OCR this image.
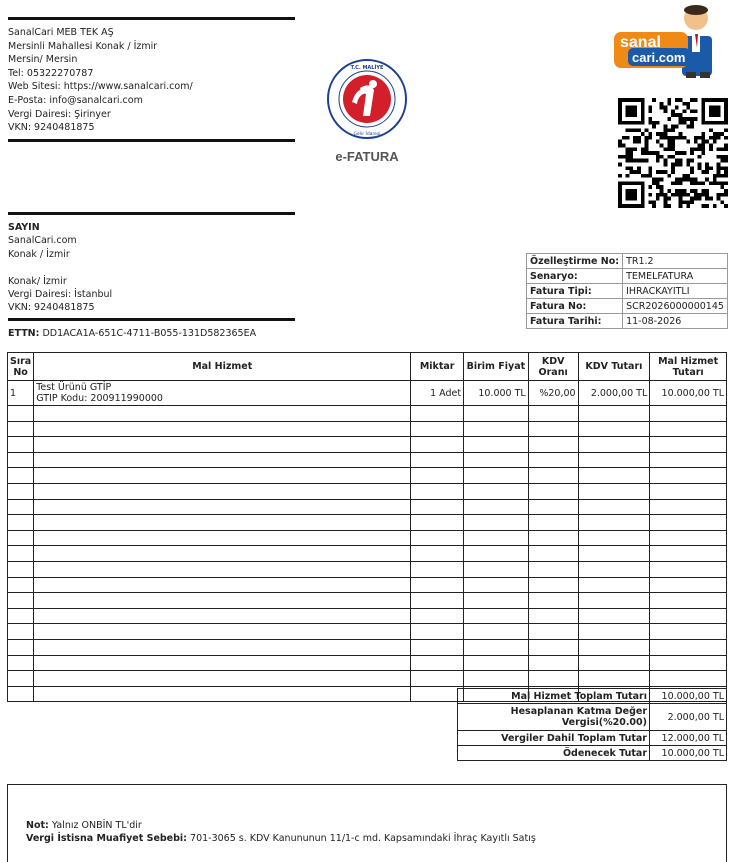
SanalCari MEB TEK AŞ
Mersinli Mahallesi Konak / İzmir
Mersin/ Mersin
Tel: 05322270787
Web Sitesi: https://www.sanalcari.com/
E-Posta: info@sanalcari.com
Vergi Dairesi: Şirinyer
VKN: 9240481875
T.C. MALİYE
Gelir İdaresi
e-FATURA
sanal
cari.com
SAYIN
SanalCari.com
Konak / İzmir

Konak/ İzmir
Vergi Dairesi: İstanbul
VKN: 9240481875
ETTN: DD1ACA1A-651C-4711-B055-131D582365EA
Özelleştirme No:	TR1.2
Senaryo:	TEMELFATURA
Fatura Tipi:	IHRACKAYITLI
Fatura No:	SCR2026000000145
Fatura Tarihi:	11-08-2026
Sıra No	Mal Hizmet	Miktar	Birim Fiyat	KDV Oranı	KDV Tutarı	Mal Hizmet Tutarı
1	Test Ürünü GTİP
GTIP Kodu: 200911990000	1 Adet	10.000 TL	%20,00	2.000,00 TL	10.000,00 TL

Mal Hizmet Toplam Tutarı	10.000,00 TL
Hesaplanan Katma Değer Vergisi(%20.00)	2.000,00 TL
Vergiler Dahil Toplam Tutar	12.000,00 TL
Ödenecek Tutar	10.000,00 TL
Not: Yalnız ONBİN TL'dir
Vergi İstisna Muafiyet Sebebi: 701-3065 s. KDV Kanununun 11/1-c md. Kapsamındaki İhraç Kayıtlı Satış
